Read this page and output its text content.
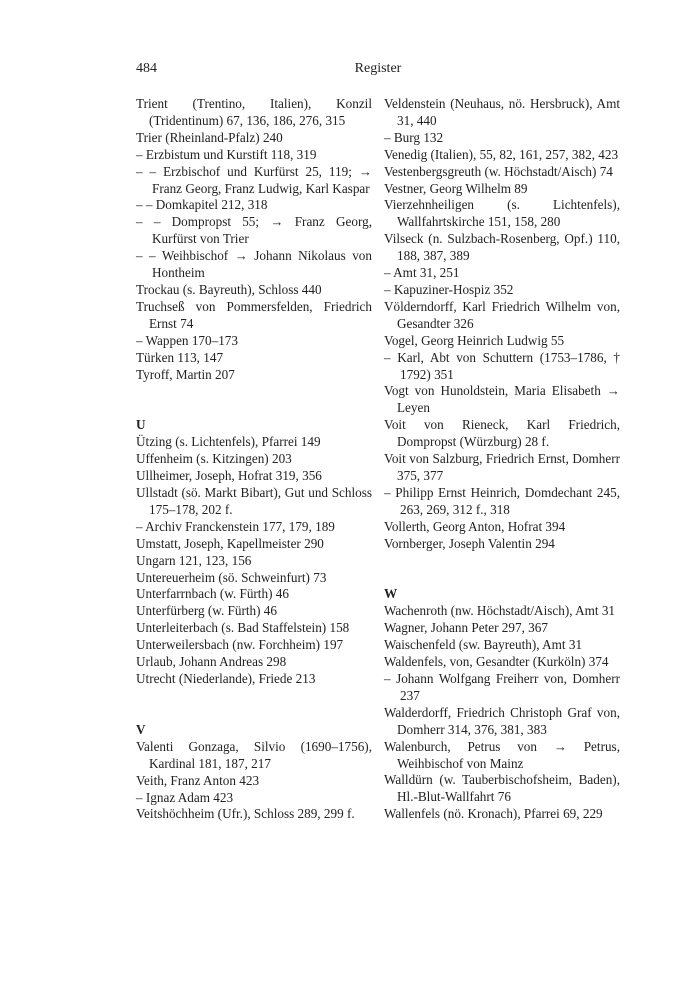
484	Register
Trient (Trentino, Italien), Konzil (Tridentinum) 67, 136, 186, 276, 315
Trier (Rheinland-Pfalz) 240
– Erzbistum und Kurstift 118, 319
– – Erzbischof und Kurfürst 25, 119; → Franz Georg, Franz Ludwig, Karl Kaspar
– – Domkapitel 212, 318
– – Dompropst 55; → Franz Georg, Kurfürst von Trier
– – Weihbischof → Johann Nikolaus von Hontheim
Trockau (s. Bayreuth), Schloss 440
Truchseß von Pommersfelden, Friedrich Ernst 74
– Wappen 170–173
Türken 113, 147
Tyroff, Martin 207
U
Ützing (s. Lichtenfels), Pfarrei 149
Uffenheim (s. Kitzingen) 203
Ullheimer, Joseph, Hofrat 319, 356
Ullstadt (sö. Markt Bibart), Gut und Schloss 175–178, 202 f.
– Archiv Franckenstein 177, 179, 189
Umstatt, Joseph, Kapellmeister 290
Ungarn 121, 123, 156
Untereuerheim (sö. Schweinfurt) 73
Unterfarrnbach (w. Fürth) 46
Unterfürberg (w. Fürth) 46
Unterleiterbach (s. Bad Staffelstein) 158
Unterweilersbach (nw. Forchheim) 197
Urlaub, Johann Andreas 298
Utrecht (Niederlande), Friede 213
V
Valenti Gonzaga, Silvio (1690–1756), Kardinal 181, 187, 217
Veith, Franz Anton 423
– Ignaz Adam 423
Veitshöchheim (Ufr.), Schloss 289, 299 f.
Veldenstein (Neuhaus, nö. Hersbruck), Amt 31, 440
– Burg 132
Venedig (Italien), 55, 82, 161, 257, 382, 423
Vestenbergsgreuth (w. Höchstadt/Aisch) 74
Vestner, Georg Wilhelm 89
Vierzehnheiligen (s. Lichtenfels), Wallfahrtskirche 151, 158, 280
Vilseck (n. Sulzbach-Rosenberg, Opf.) 110, 188, 387, 389
– Amt 31, 251
– Kapuziner-Hospiz 352
Völderndorff, Karl Friedrich Wilhelm von, Gesandter 326
Vogel, Georg Heinrich Ludwig 55
– Karl, Abt von Schuttern (1753–1786, † 1792) 351
Vogt von Hunoldstein, Maria Elisabeth → Leyen
Voit von Rieneck, Karl Friedrich, Dompropst (Würzburg) 28 f.
Voit von Salzburg, Friedrich Ernst, Domherr 375, 377
– Philipp Ernst Heinrich, Domdechant 245, 263, 269, 312 f., 318
Vollerth, Georg Anton, Hofrat 394
Vornberger, Joseph Valentin 294
W
Wachenroth (nw. Höchstadt/Aisch), Amt 31
Wagner, Johann Peter 297, 367
Waischenfeld (sw. Bayreuth), Amt 31
Waldenfels, von, Gesandter (Kurköln) 374
– Johann Wolfgang Freiherr von, Domherr 237
Walderdorff, Friedrich Christoph Graf von, Domherr 314, 376, 381, 383
Walenburch, Petrus von → Petrus, Weihbischof von Mainz
Walldürn (w. Tauberbischofsheim, Baden), Hl.-Blut-Wallfahrt 76
Wallenfels (nö. Kronach), Pfarrei 69, 229
